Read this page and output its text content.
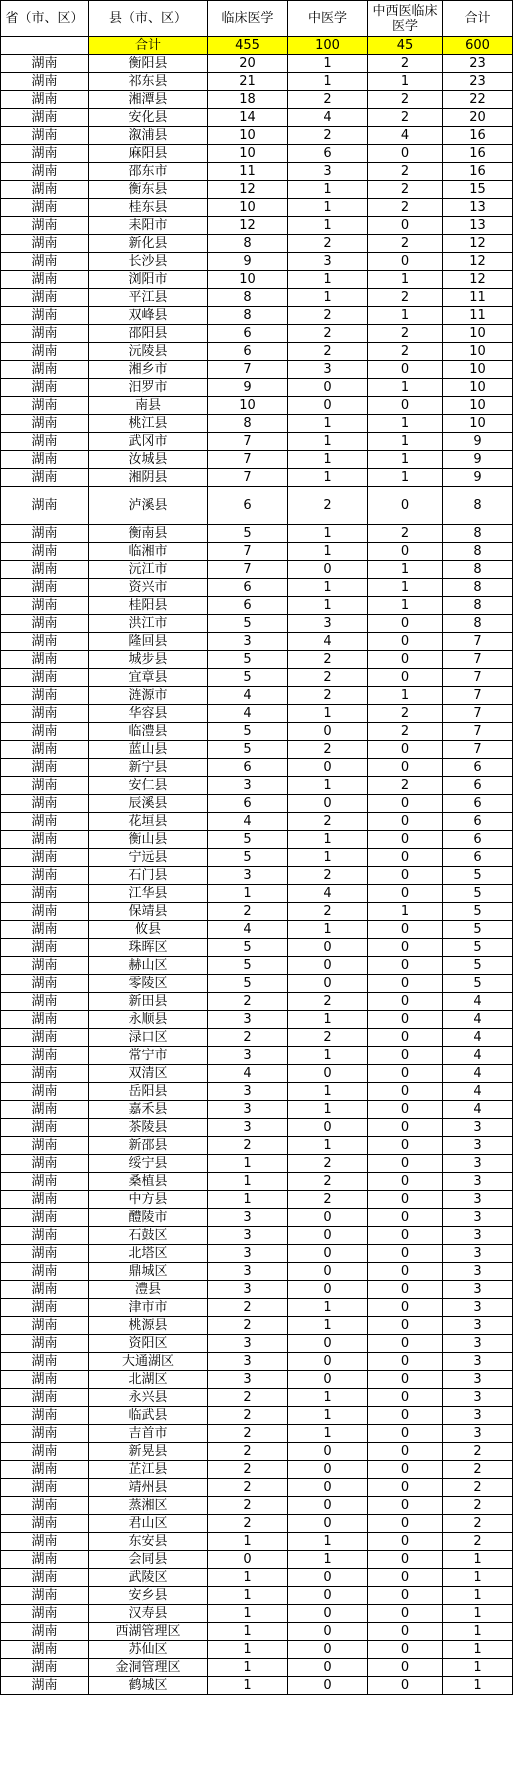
省（市、区）	县（市、区）	临床医学	中医学	中西医临床医学	合计
	合计	455	100	45	600
湖南	衡阳县	20	1	2	23
湖南	祁东县	21	1	1	23
湖南	湘潭县	18	2	2	22
湖南	安化县	14	4	2	20
湖南	溆浦县	10	2	4	16
湖南	麻阳县	10	6	0	16
湖南	邵东市	11	3	2	16
湖南	衡东县	12	1	2	15
湖南	桂东县	10	1	2	13
湖南	耒阳市	12	1	0	13
湖南	新化县	8	2	2	12
湖南	长沙县	9	3	0	12
湖南	浏阳市	10	1	1	12
湖南	平江县	8	1	2	11
湖南	双峰县	8	2	1	11
湖南	邵阳县	6	2	2	10
湖南	沅陵县	6	2	2	10
湖南	湘乡市	7	3	0	10
湖南	汨罗市	9	0	1	10
湖南	南县	10	0	0	10
湖南	桃江县	8	1	1	10
湖南	武冈市	7	1	1	9
湖南	汝城县	7	1	1	9
湖南	湘阴县	7	1	1	9
湖南	泸溪县	6	2	0	8
湖南	衡南县	5	1	2	8
湖南	临湘市	7	1	0	8
湖南	沅江市	7	0	1	8
湖南	资兴市	6	1	1	8
湖南	桂阳县	6	1	1	8
湖南	洪江市	5	3	0	8
湖南	隆回县	3	4	0	7
湖南	城步县	5	2	0	7
湖南	宜章县	5	2	0	7
湖南	涟源市	4	2	1	7
湖南	华容县	4	1	2	7
湖南	临澧县	5	0	2	7
湖南	蓝山县	5	2	0	7
湖南	新宁县	6	0	0	6
湖南	安仁县	3	1	2	6
湖南	辰溪县	6	0	0	6
湖南	花垣县	4	2	0	6
湖南	衡山县	5	1	0	6
湖南	宁远县	5	1	0	6
湖南	石门县	3	2	0	5
湖南	江华县	1	4	0	5
湖南	保靖县	2	2	1	5
湖南	攸县	4	1	0	5
湖南	珠晖区	5	0	0	5
湖南	赫山区	5	0	0	5
湖南	零陵区	5	0	0	5
湖南	新田县	2	2	0	4
湖南	永顺县	3	1	0	4
湖南	渌口区	2	2	0	4
湖南	常宁市	3	1	0	4
湖南	双清区	4	0	0	4
湖南	岳阳县	3	1	0	4
湖南	嘉禾县	3	1	0	4
湖南	茶陵县	3	0	0	3
湖南	新邵县	2	1	0	3
湖南	绥宁县	1	2	0	3
湖南	桑植县	1	2	0	3
湖南	中方县	1	2	0	3
湖南	醴陵市	3	0	0	3
湖南	石鼓区	3	0	0	3
湖南	北塔区	3	0	0	3
湖南	鼎城区	3	0	0	3
湖南	澧县	3	0	0	3
湖南	津市市	2	1	0	3
湖南	桃源县	2	1	0	3
湖南	资阳区	3	0	0	3
湖南	大通湖区	3	0	0	3
湖南	北湖区	3	0	0	3
湖南	永兴县	2	1	0	3
湖南	临武县	2	1	0	3
湖南	吉首市	2	1	0	3
湖南	新晃县	2	0	0	2
湖南	芷江县	2	0	0	2
湖南	靖州县	2	0	0	2
湖南	蒸湘区	2	0	0	2
湖南	君山区	2	0	0	2
湖南	东安县	1	1	0	2
湖南	会同县	0	1	0	1
湖南	武陵区	1	0	0	1
湖南	安乡县	1	0	0	1
湖南	汉寿县	1	0	0	1
湖南	西湖管理区	1	0	0	1
湖南	苏仙区	1	0	0	1
湖南	金洞管理区	1	0	0	1
湖南	鹤城区	1	0	0	1
